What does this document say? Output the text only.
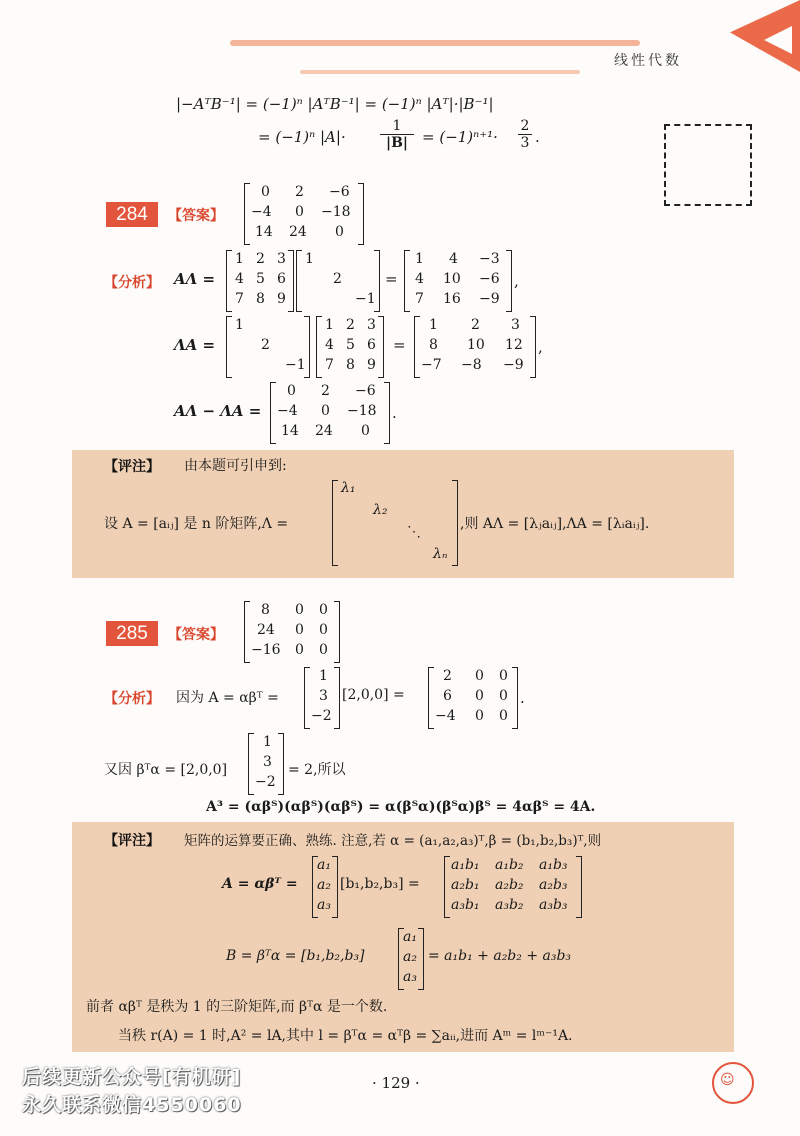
线性代数
|−AᵀB⁻¹| = (−1)ⁿ |AᵀB⁻¹| = (−1)ⁿ |Aᵀ|·|B⁻¹|
= (−1)ⁿ |A|·
1
|B| = (−1)ⁿ⁺¹·
2
3 .
284	【答案】
0 2 −6
−4 0 −18
14 24 0
【分析】 AΛ =
1 2 3
4 5 6
7 8 9
1
2
−1
=
1 4 −3
4 10 −6
7 16 −9
,
ΛA =
1
2
−1
1 2 3
4 5 6
7 8 9
=
1 2 3
8 10 12
−7 −8 −9
,
AΛ − ΛA =
0 2 −6
−4 0 −18
14 24 0
.
【评注】 由本题可引申到:
设 A = [aᵢⱼ] 是 n 阶矩阵,Λ =
λ₁
λ₂
⋱
λₙ
,则 AΛ = [λⱼaᵢⱼ],ΛA = [λᵢaᵢⱼ].
285	【答案】
8 0 0
24 0 0
−16 0 0
【分析】 因为 A = αβᵀ =
1
3
−2
[2,0,0] =
2 0 0
6 0 0
−4 0 0
.
又因 βᵀα = [2,0,0]
1
3
−2
= 2,所以
A³ = (αβᵀ)(αβᵀ)(αβᵀ) = α(βᵀα)(βᵀα)βᵀ = 4αβᵀ = 4A.
【评注】 矩阵的运算要正确、熟练. 注意,若 α = (a₁,a₂,a₃)ᵀ,β = (b₁,b₂,b₃)ᵀ,则
A = αβᵀ =
a₁
a₂
a₃
[b₁,b₂,b₃] =
a₁b₁ a₁b₂ a₁b₃
a₂b₁ a₂b₂ a₂b₃
a₃b₁ a₃b₂ a₃b₃
B = βᵀα = [b₁,b₂,b₃]
a₁
a₂
a₃
= a₁b₁ + a₂b₂ + a₃b₃
前者 αβᵀ 是秩为 1 的三阶矩阵,而 βᵀα 是一个数.
当秩 r(A) = 1 时,A² = lA,其中 l = βᵀα = αᵀβ = ∑aᵢᵢ,进而 Aᵐ = lᵐ⁻¹A.
后续更新公众号[有机研]
永久联系微信4550060
· 129 ·	☺
